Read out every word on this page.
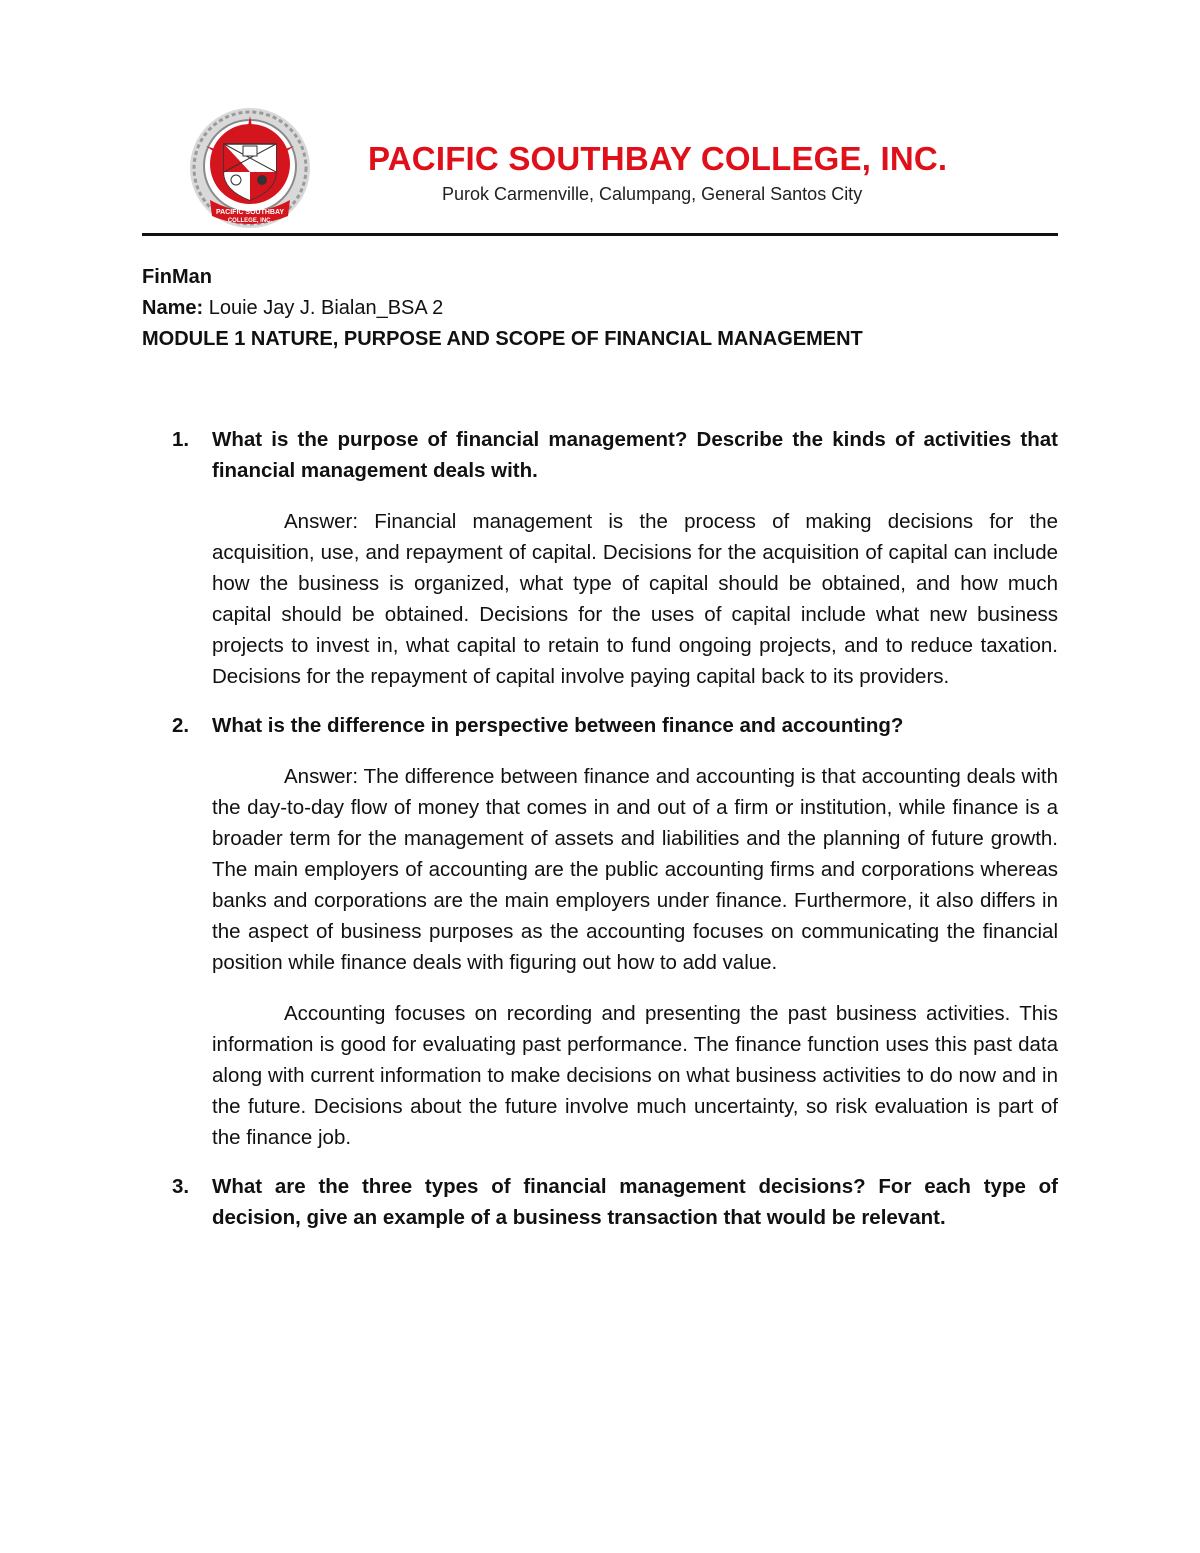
PACIFIC SOUTHBAY
COLLEGE, INC.
PACIFIC SOUTHBAY COLLEGE, INC.
Purok Carmenville, Calumpang, General Santos City
FinMan
Name: Louie Jay J. Bialan_BSA 2
MODULE 1 NATURE, PURPOSE AND SCOPE OF FINANCIAL MANAGEMENT
1. What is the purpose of financial management? Describe the kinds of activities that financial management deals with.

Answer: Financial management is the process of making decisions for the acquisition, use, and repayment of capital. Decisions for the acquisition of capital can include how the business is organized, what type of capital should be obtained, and how much capital should be obtained. Decisions for the uses of capital include what new business projects to invest in, what capital to retain to fund ongoing projects, and to reduce taxation. Decisions for the repayment of capital involve paying capital back to its providers.

2. What is the difference in perspective between finance and accounting?

Answer: The difference between finance and accounting is that accounting deals with the day-to-day flow of money that comes in and out of a firm or institution, while finance is a broader term for the management of assets and liabilities and the planning of future growth. The main employers of accounting are the public accounting firms and corporations whereas banks and corporations are the main employers under finance. Furthermore, it also differs in the aspect of business purposes as the accounting focuses on communicating the financial position while finance deals with figuring out how to add value.

Accounting focuses on recording and presenting the past business activities. This information is good for evaluating past performance. The finance function uses this past data along with current information to make decisions on what business activities to do now and in the future. Decisions about the future involve much uncertainty, so risk evaluation is part of the finance job.

3. What are the three types of financial management decisions? For each type of decision, give an example of a business transaction that would be relevant.
